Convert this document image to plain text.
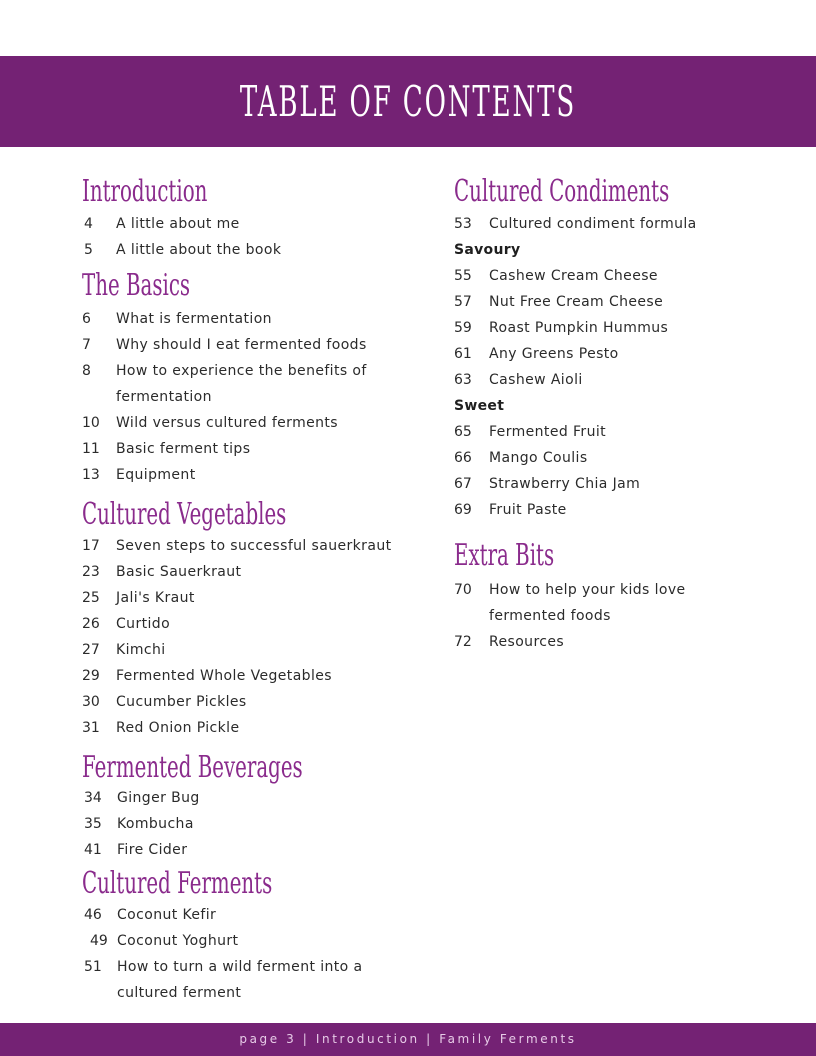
TABLE OF CONTENTS
Introduction
4	A little about me
5	A little about the book
The Basics
6	What is fermentation
7	Why should I eat fermented foods
8	How to experience the benefits of
fermentation
10	Wild versus cultured ferments
11	Basic ferment tips
13	Equipment
Cultured Vegetables
17	Seven steps to successful sauerkraut
23	Basic Sauerkraut
25	Jali's Kraut
26	Curtido
27	Kimchi
29	Fermented Whole Vegetables
30	Cucumber Pickles
31	Red Onion Pickle
Fermented Beverages
34	Ginger Bug
35	Kombucha
41	Fire Cider
Cultured Ferments
46	Coconut Kefir
49 Coconut Yoghurt
51	How to turn a wild ferment into a
cultured ferment
Cultured Condiments
53	Cultured condiment formula
Savoury
55	Cashew Cream Cheese
57	Nut Free Cream Cheese
59	Roast Pumpkin Hummus
61	Any Greens Pesto
63	Cashew Aioli
Sweet
65	Fermented Fruit
66	Mango Coulis
67	Strawberry Chia Jam
69	Fruit Paste
Extra Bits
70	How to help your kids love
fermented foods
72	Resources
page 3 | Introduction | Family Ferments
